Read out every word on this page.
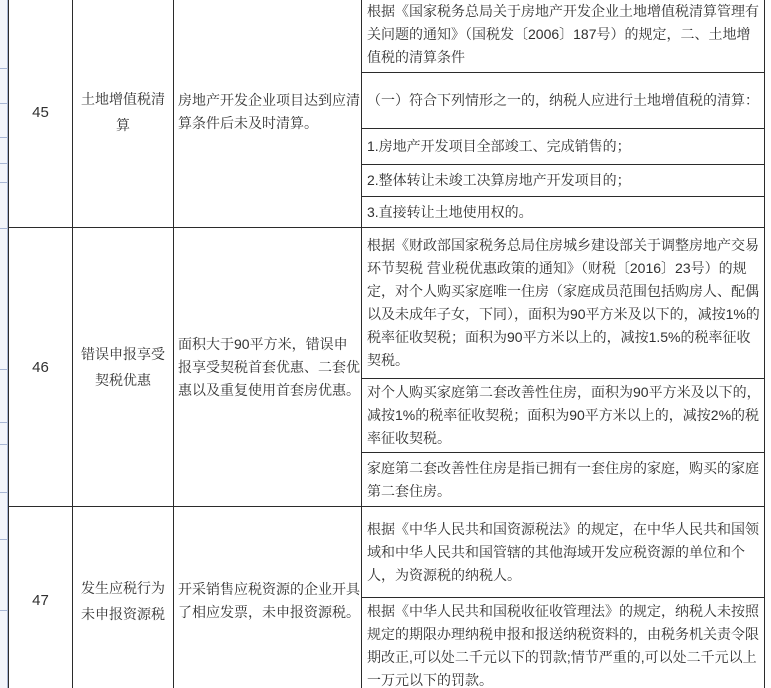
45	土地增值税清算	房地产开发企业项目达到应清算条件后未及时清算。	根据《国家税务总局关于房地产开发企业土地增值税清算管理有关问题的通知》（国税发〔2006〕187号）的规定，二、土地增值税的清算条件
			（一）符合下列情形之一的，纳税人应进行土地增值税的清算：
			1.房地产开发项目全部竣工、完成销售的；
			2.整体转让未竣工决算房地产开发项目的；
			3.直接转让土地使用权的。
46	错误申报享受契税优惠	面积大于90平方米，错误申报享受契税首套优惠、二套优惠以及重复使用首套房优惠。	根据《财政部国家税务总局住房城乡建设部关于调整房地产交易环节契税 营业税优惠政策的通知》（财税〔2016〕23号）的规定，对个人购买家庭唯一住房（家庭成员范围包括购房人、配偶以及未成年子女，下同），面积为90平方米及以下的，减按1%的税率征收契税；面积为90平方米以上的，减按1.5%的税率征收契税。
			对个人购买家庭第二套改善性住房，面积为90平方米及以下的，减按1%的税率征收契税；面积为90平方米以上的，减按2%的税率征收契税。
			家庭第二套改善性住房是指已拥有一套住房的家庭，购买的家庭第二套住房。
47	发生应税行为未申报资源税	开采销售应税资源的企业开具了相应发票，未申报资源税。	根据《中华人民共和国资源税法》的规定，在中华人民共和国领域和中华人民共和国管辖的其他海域开发应税资源的单位和个人，为资源税的纳税人。
			根据《中华人民共和国税收征收管理法》的规定，纳税人未按照规定的期限办理纳税申报和报送纳税资料的，由税务机关责令限期改正,可以处二千元以下的罚款;情节严重的,可以处二千元以上一万元以下的罚款。
